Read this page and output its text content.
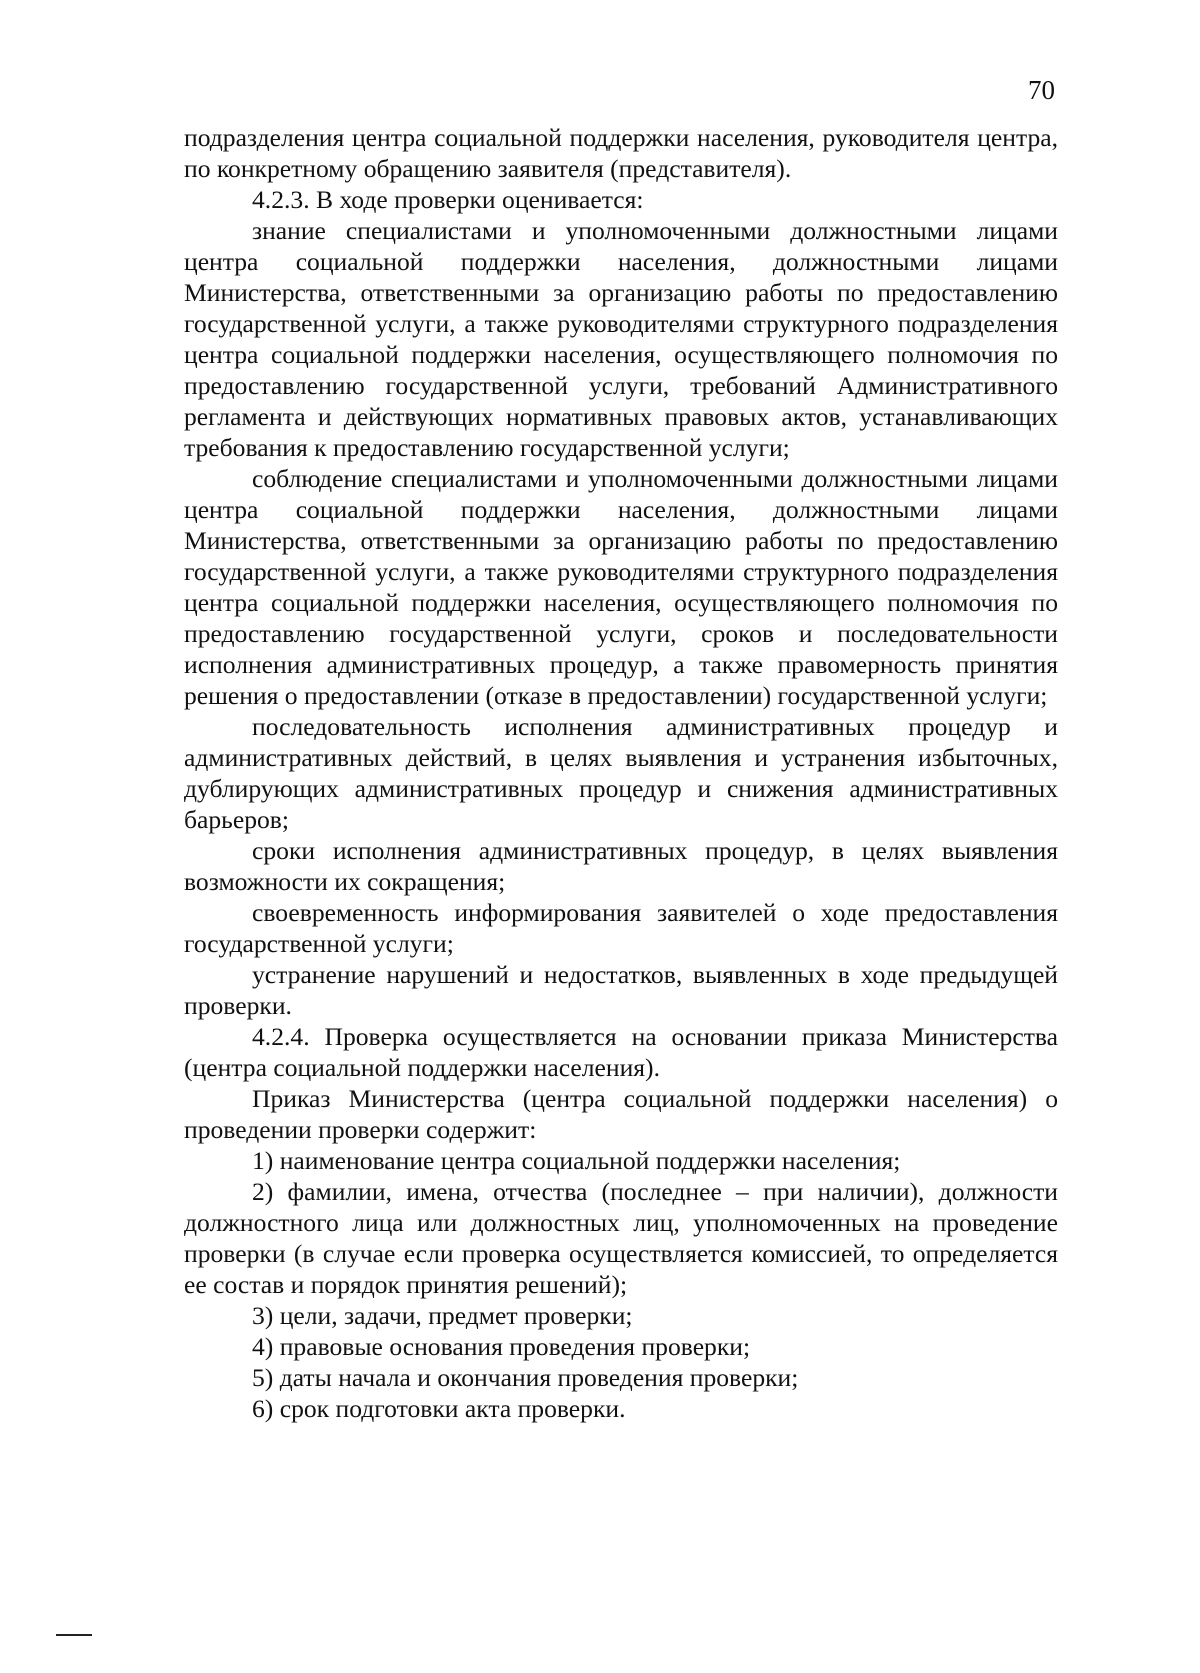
70

подразделения центра социальной поддержки населения, руководителя центра, по конкретному обращению заявителя (представителя).

4.2.3. В ходе проверки оценивается:

знание специалистами и уполномоченными должностными лицами центра социальной поддержки населения, должностными лицами Министерства, ответственными за организацию работы по предоставлению государственной услуги, а также руководителями структурного подразделения центра социальной поддержки населения, осуществляющего полномочия по предоставлению государственной услуги, требований Административного регламента и действующих нормативных правовых актов, устанавливающих требования к предоставлению государственной услуги;

соблюдение специалистами и уполномоченными должностными лицами центра социальной поддержки населения, должностными лицами Министерства, ответственными за организацию работы по предоставлению государственной услуги, а также руководителями структурного подразделения центра социальной поддержки населения, осуществляющего полномочия по предоставлению государственной услуги, сроков и последовательности исполнения административных процедур, а также правомерность принятия решения о предоставлении (отказе в предоставлении) государственной услуги;

последовательность исполнения административных процедур и административных действий, в целях выявления и устранения избыточных, дублирующих административных процедур и снижения административных барьеров;

сроки исполнения административных процедур, в целях выявления возможности их сокращения;

своевременность информирования заявителей о ходе предоставления государственной услуги;

устранение нарушений и недостатков, выявленных в ходе предыдущей проверки.

4.2.4. Проверка осуществляется на основании приказа Министерства (центра социальной поддержки населения).

Приказ Министерства (центра социальной поддержки населения) о проведении проверки содержит:

1) наименование центра социальной поддержки населения;

2) фамилии, имена, отчества (последнее – при наличии), должности должностного лица или должностных лиц, уполномоченных на проведение проверки (в случае если проверка осуществляется комиссией, то определяется ее состав и порядок принятия решений);

3) цели, задачи, предмет проверки;

4) правовые основания проведения проверки;

5) даты начала и окончания проведения проверки;

6) срок подготовки акта проверки.
